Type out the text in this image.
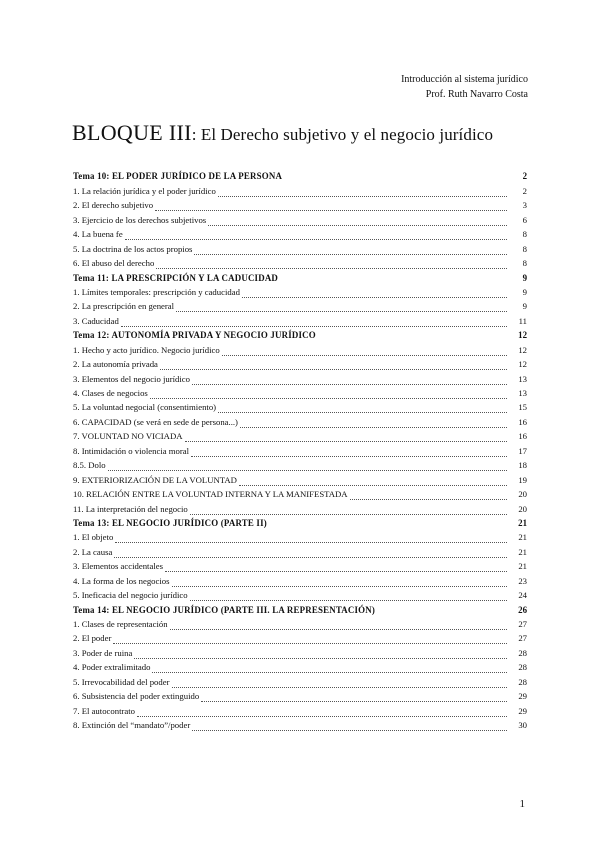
Introducción al sistema jurídico
Prof. Ruth Navarro Costa
BLOQUE III: El Derecho subjetivo y el negocio jurídico
Tema 10: EL PODER JURÍDICO DE LA PERSONA	2
1. La relación jurídica y el poder jurídico	2
2. El derecho subjetivo	3
3. Ejercicio de los derechos subjetivos	6
4. La buena fe	8
5. La doctrina de los actos propios	8
6. El abuso del derecho	8
Tema 11: LA PRESCRIPCIÓN Y LA CADUCIDAD	9
1. Límites temporales: prescripción y caducidad	9
2. La prescripción en general	9
3. Caducidad	11
Tema 12: AUTONOMÍA PRIVADA Y NEGOCIO JURÍDICO	12
1. Hecho y acto jurídico. Negocio jurídico	12
2. La autonomía privada	12
3. Elementos del negocio jurídico	13
4. Clases de negocios	13
5. La voluntad negocial (consentimiento)	15
6. CAPACIDAD (se verá en sede de persona...)	16
7. VOLUNTAD NO VICIADA	16
8. Intimidación o violencia moral	17
8.5. Dolo	18
9. EXTERIORIZACIÓN DE LA VOLUNTAD	19
10. RELACIÓN ENTRE LA VOLUNTAD INTERNA Y LA MANIFESTADA	20
11. La interpretación del negocio	20
Tema 13: EL NEGOCIO JURÍDICO (PARTE II)	21
1. El objeto	21
2. La causa	21
3. Elementos accidentales	21
4. La forma de los negocios	23
5. Ineficacia del negocio jurídico	24
Tema 14: EL NEGOCIO JURÍDICO (PARTE III. LA REPRESENTACIÓN)	26
1. Clases de representación	27
2. El poder	27
3. Poder de ruina	28
4. Poder extralimitado	28
5. Irrevocabilidad del poder	28
6. Subsistencia del poder extinguido	29
7. El autocontrato	29
8. Extinción del “mandato”/poder	30
1
